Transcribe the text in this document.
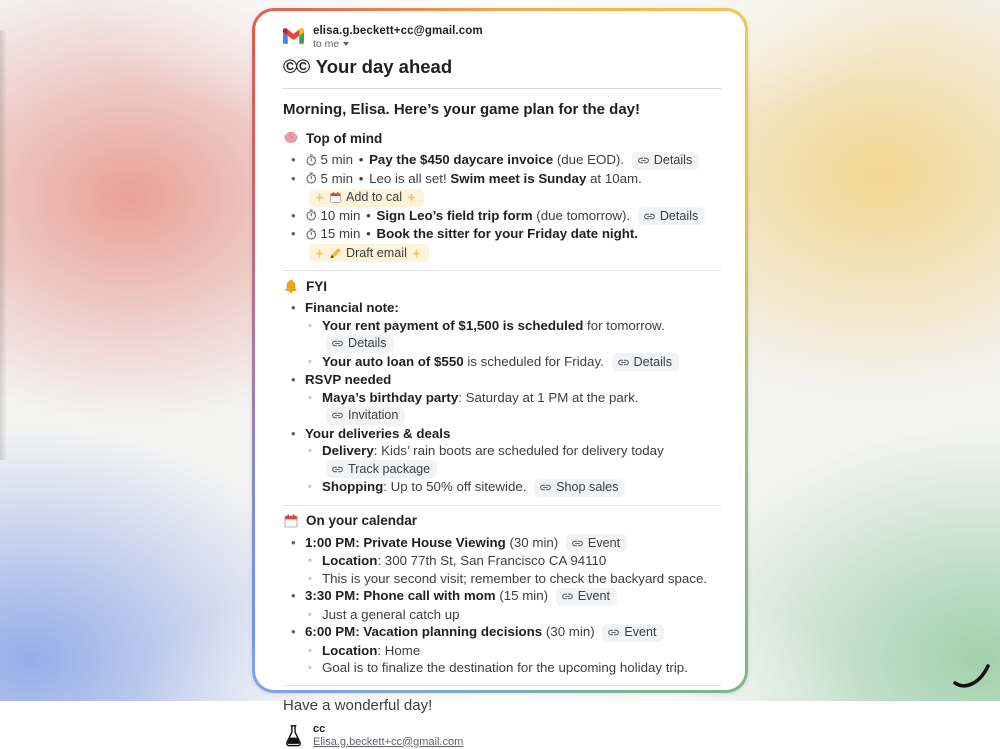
elisa.g.beckett+cc@gmail.com
to me
©© Your day ahead
Morning, Elisa. Here’s your game plan for the day!
Top of mind
• 5 min • Pay the $450 daycare invoice (due EOD). Details
• 5 min • Leo is all set! Swim meet is Sunday at 10am.
Add to cal
• 10 min • Sign Leo’s field trip form (due tomorrow). Details
• 15 min • Book the sitter for your Friday date night.
Draft email
FYI
• Financial note:
◦ Your rent payment of $1,500 is scheduled for tomorrow.
Details
◦ Your auto loan of $550 is scheduled for Friday. Details
• RSVP needed
◦ Maya’s birthday party: Saturday at 1 PM at the park.
Invitation
• Your deliveries & deals
◦ Delivery: Kids’ rain boots are scheduled for delivery today
Track package
◦ Shopping: Up to 50% off sitewide. Shop sales
On your calendar
• 1:00 PM: Private House Viewing (30 min) Event
◦ Location: 300 77th St, San Francisco CA 94110
◦ This is your second visit; remember to check the backyard space.
• 3:30 PM: Phone call with mom (15 min) Event
◦ Just a general catch up
• 6:00 PM: Vacation planning decisions (30 min) Event
◦ Location: Home
◦ Goal is to finalize the destination for the upcoming holiday trip.
Have a wonderful day!
cc
Elisa.g.beckett+cc@gmail.com
